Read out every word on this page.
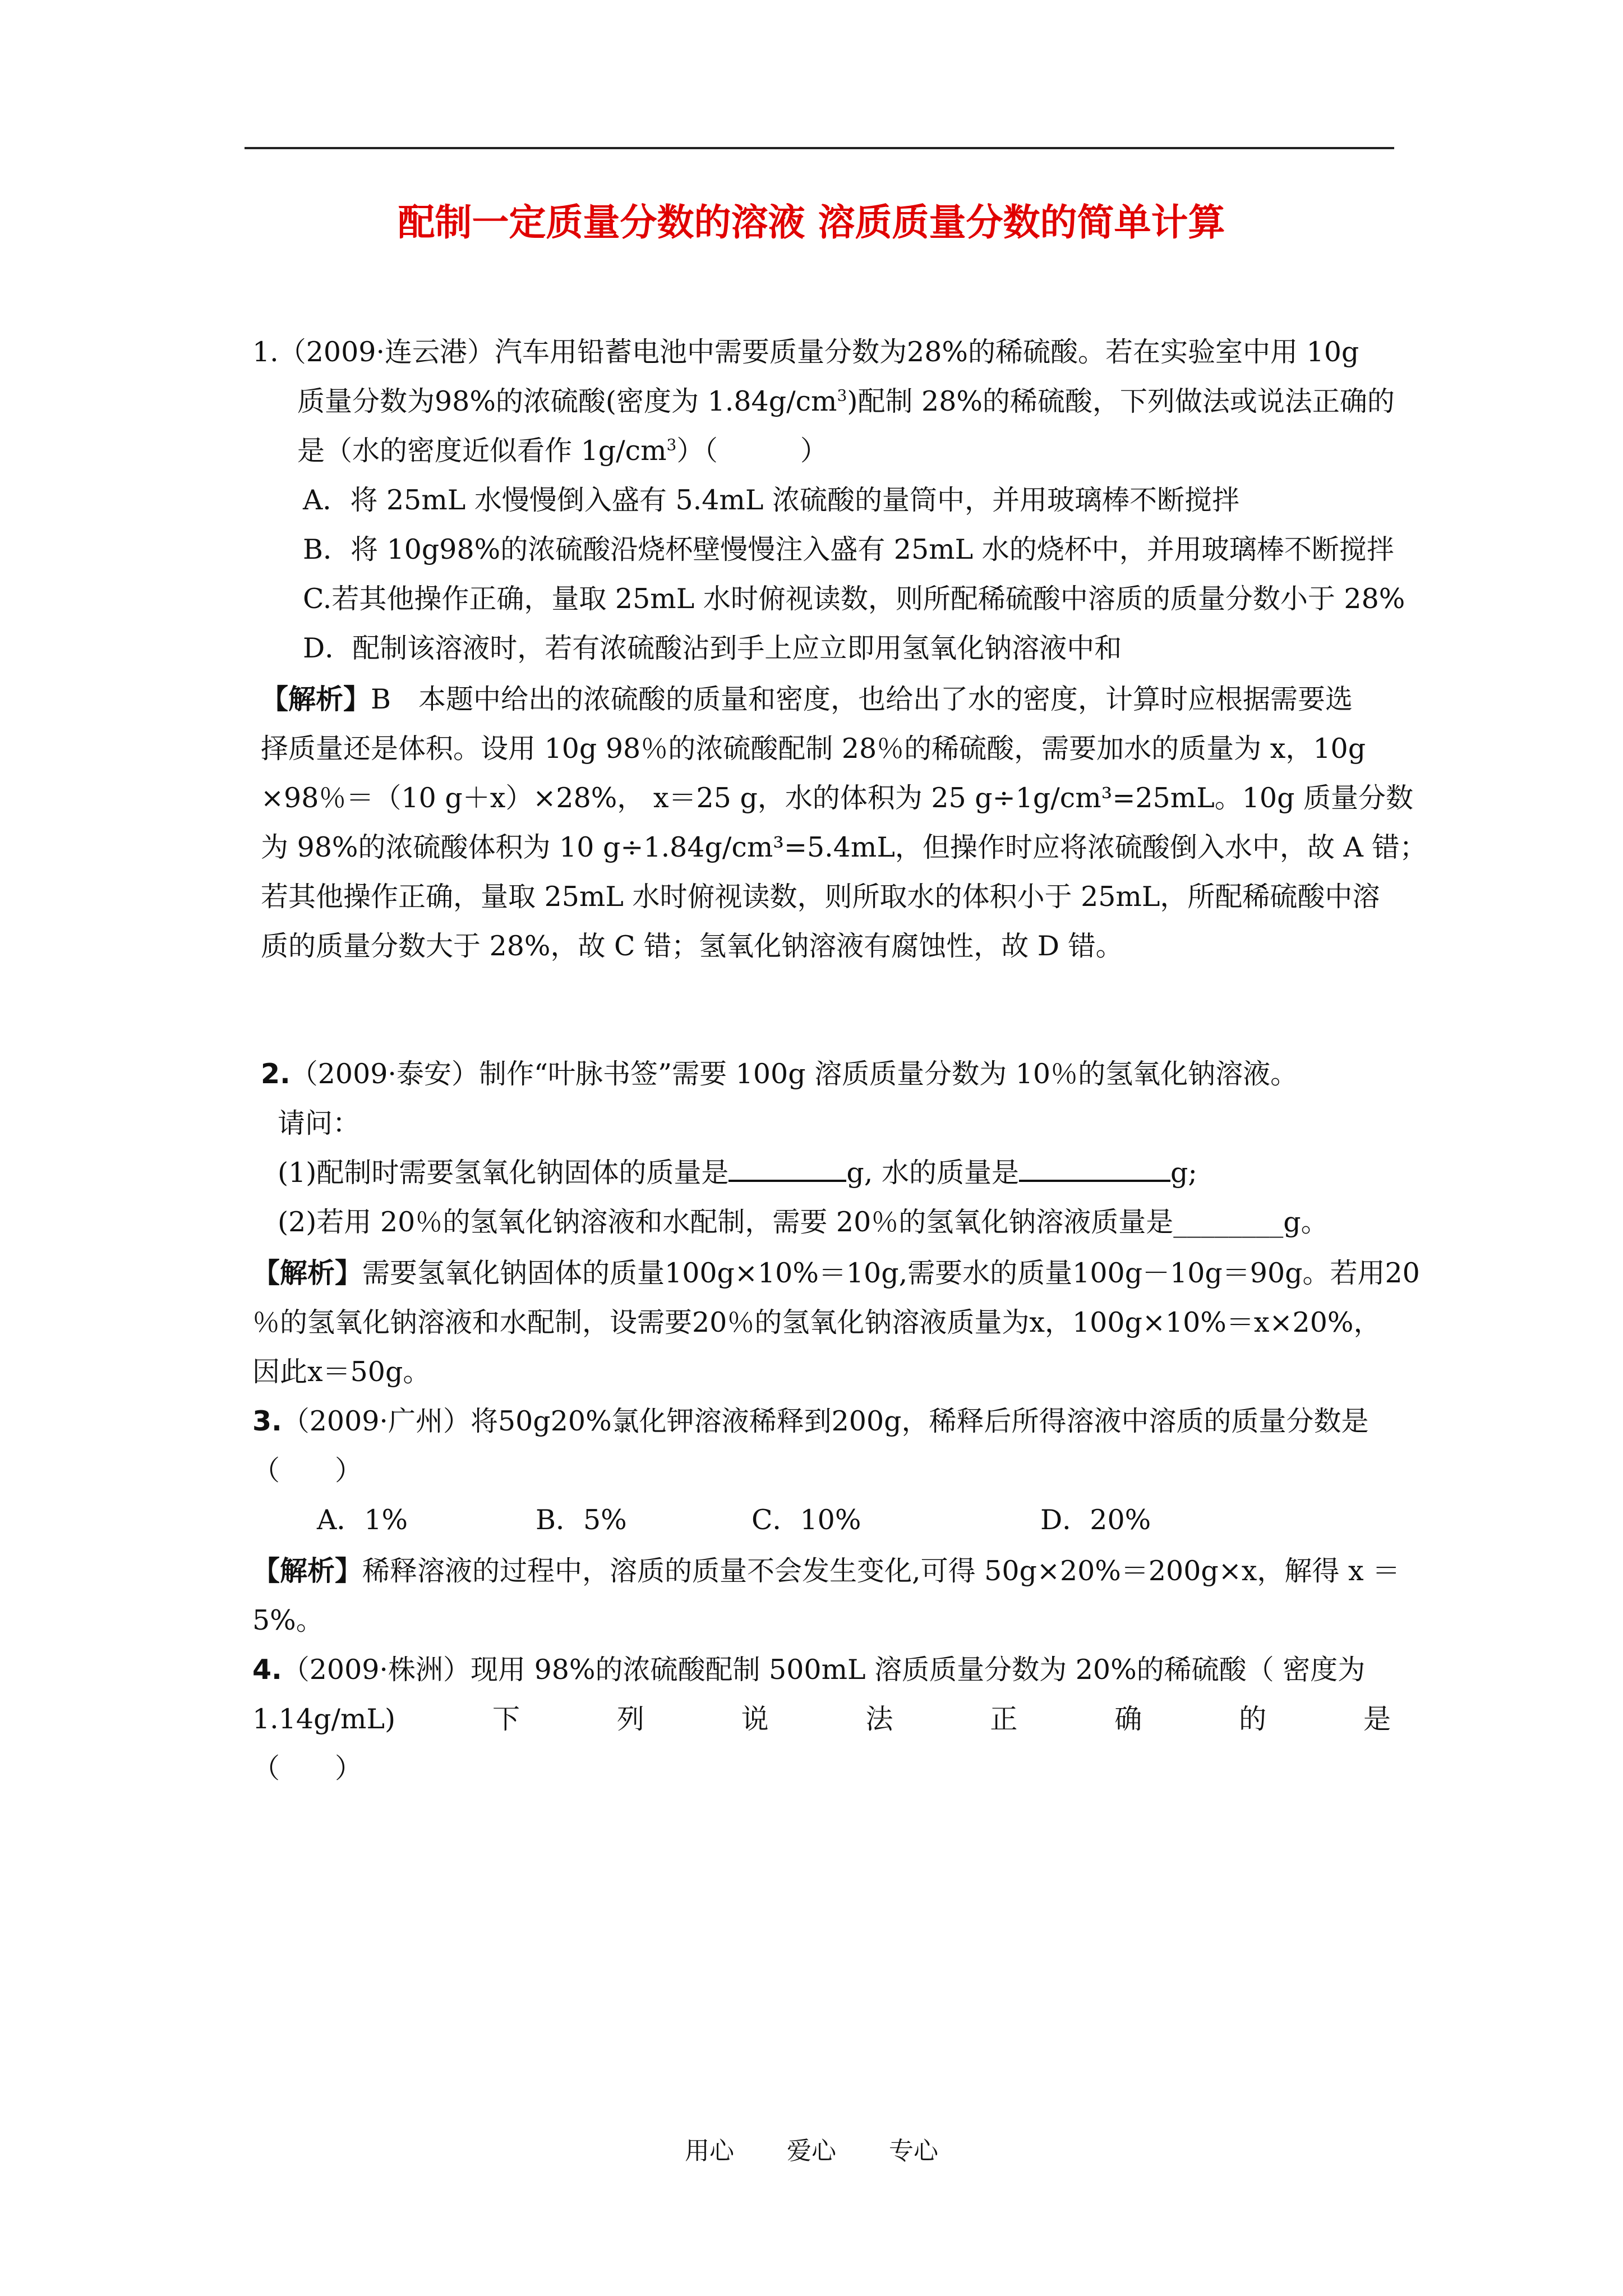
配制一定质量分数的溶液 溶质质量分数的简单计算
1.（2009·连云港）汽车用铅蓄电池中需要质量分数为28%的稀硫酸。若在实验室中用 10g
质量分数为98%的浓硫酸(密度为 $1.84g/cm^3$)配制 28%的稀硫酸，下列做法或说法正确的
是（水的密度近似看作 $1g/cm^3$）（　　　）
A．将 25mL 水慢慢倒入盛有 5.4mL 浓硫酸的量筒中，并用玻璃棒不断搅拌
B．将 10g98%的浓硫酸沿烧杯壁慢慢注入盛有 25mL 水的烧杯中，并用玻璃棒不断搅拌
C.若其他操作正确，量取 25mL 水时俯视读数，则所配稀硫酸中溶质的质量分数小于 28%
D．配制该溶液时，若有浓硫酸沾到手上应立即用氢氧化钠溶液中和
【解析】B　本题中给出的浓硫酸的质量和密度，也给出了水的密度，计算时应根据需要选
择质量还是体积。设用 10g 98％的浓硫酸配制 28％的稀硫酸，需要加水的质量为 x，10g
×98％＝（10 g＋x）×28%， x＝25 g，水的体积为 25 g÷1g/cm³=25mL。10g 质量分数
为 98%的浓硫酸体积为 10 g÷1.84g/cm³=5.4mL，但操作时应将浓硫酸倒入水中，故 A 错；
若其他操作正确，量取 25mL 水时俯视读数，则所取水的体积小于 25mL，所配稀硫酸中溶
质的质量分数大于 28%，故 C 错；氢氧化钠溶液有腐蚀性，故 D 错。
2.（2009·泰安）制作“叶脉书签”需要 100g 溶质质量分数为 10％的氢氧化钠溶液。
请问：
(1)配制时需要氢氧化钠固体的质量是	g, 水的质量是	g;
(2)若用 20％的氢氧化钠溶液和水配制，需要 20％的氢氧化钠溶液质量是________g。
【解析】需要氢氧化钠固体的质量100g×10%＝10g,需要水的质量100g－10g＝90g。若用20
％的氢氧化钠溶液和水配制，设需要20％的氢氧化钠溶液质量为x，100g×10%＝x×20%，
因此x＝50g。
3.（2009·广州）将50g20%氯化钾溶液稀释到200g，稀释后所得溶液中溶质的质量分数是
（　　）
A．1%	B．5%	C．10%	D．20%
【解析】稀释溶液的过程中，溶质的质量不会发生变化,可得 50g×20%＝200g×x，解得 x ＝
5%。
4.（2009·株洲）现用 98%的浓硫酸配制 500mL 溶质质量分数为 20%的稀硫酸（ 密度为
1.14g/mL)	下	列	说	法	正	确	的	是
（　　）
用心 爱心 专心
